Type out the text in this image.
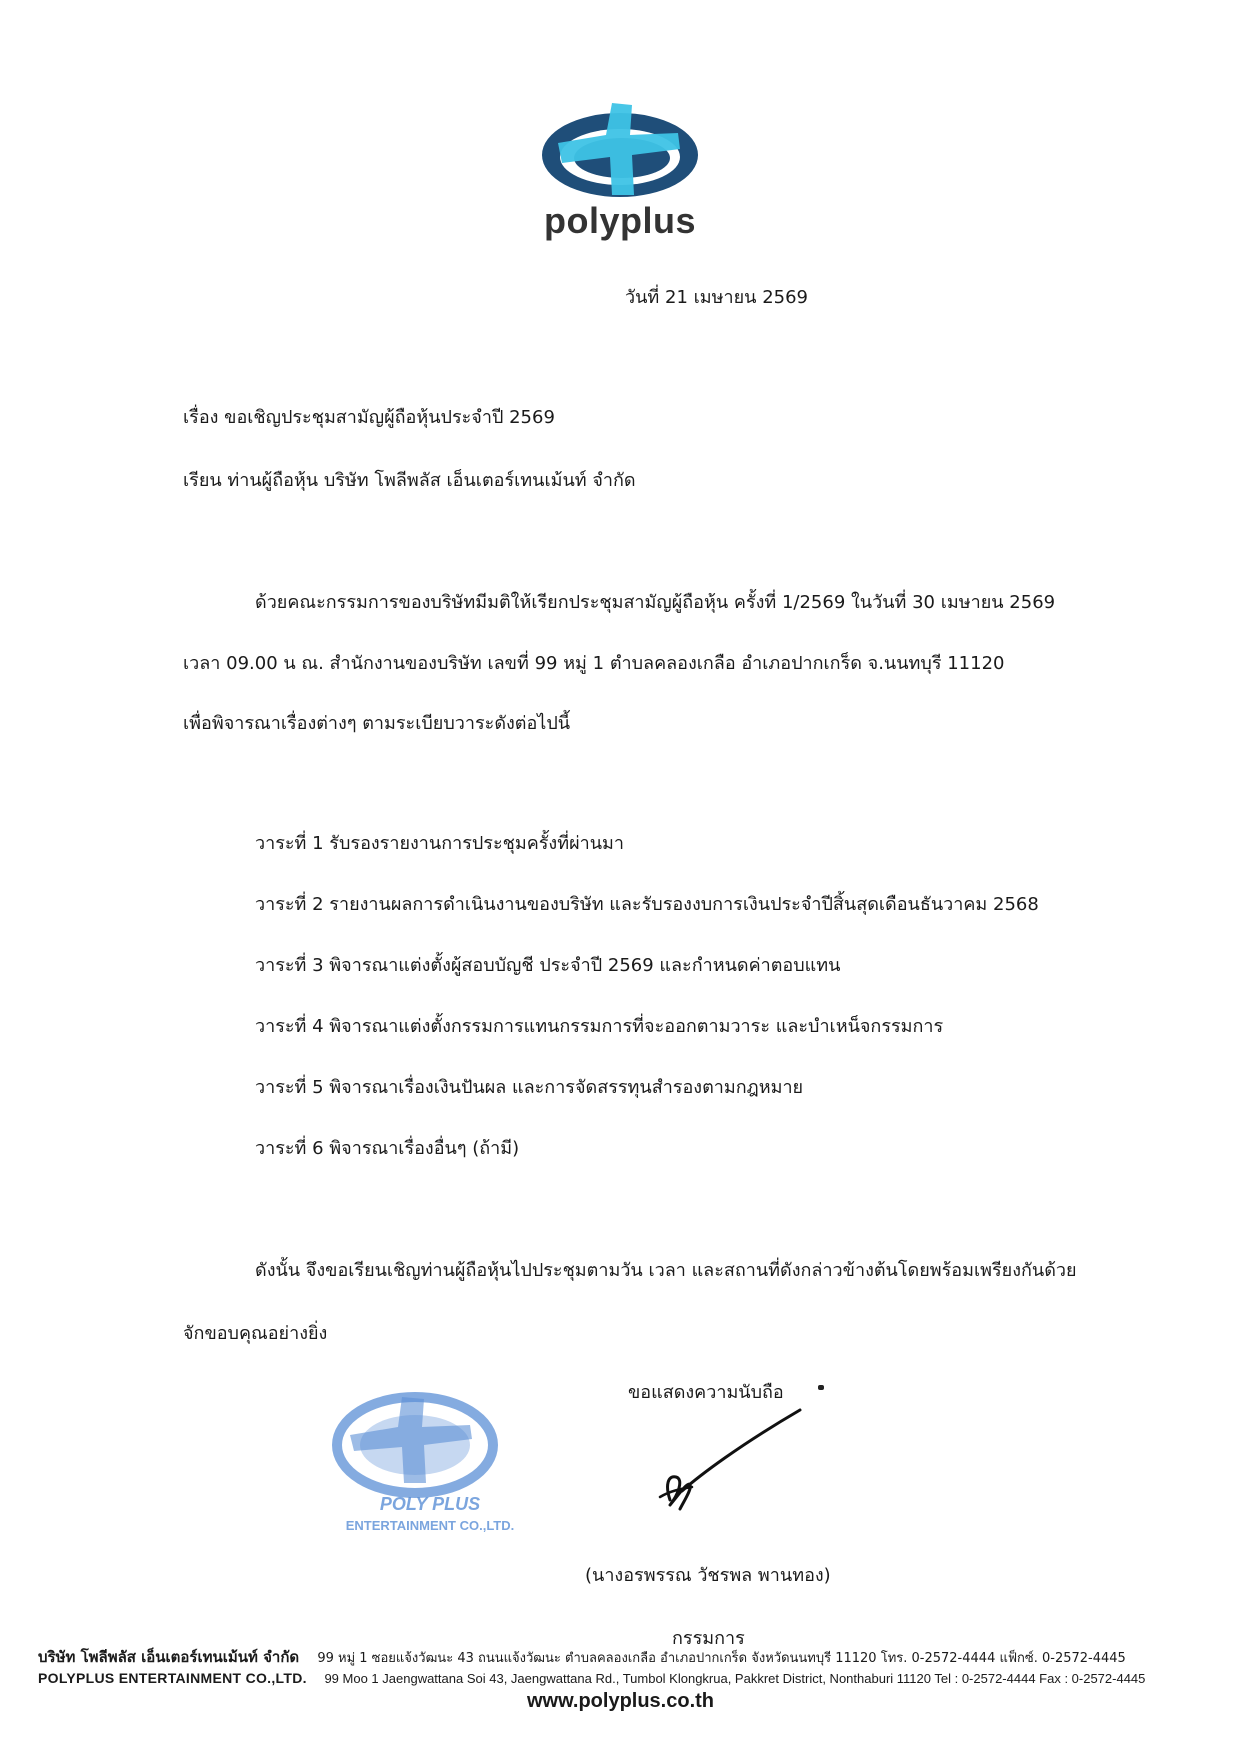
polyplus
วันที่ 21 เมษายน 2569
เรื่อง ขอเชิญประชุมสามัญผู้ถือหุ้นประจำปี 2569
เรียน ท่านผู้ถือหุ้น บริษัท โพลีพลัส เอ็นเตอร์เทนเม้นท์ จำกัด
ด้วยคณะกรรมการของบริษัทมีมติให้เรียกประชุมสามัญผู้ถือหุ้น ครั้งที่ 1/2569 ในวันที่ 30 เมษายน 2569
เวลา 09.00 น ณ. สำนักงานของบริษัท เลขที่ 99 หมู่ 1 ตำบลคลองเกลือ อำเภอปากเกร็ด จ.นนทบุรี 11120
เพื่อพิจารณาเรื่องต่างๆ ตามระเบียบวาระดังต่อไปนี้
วาระที่ 1 รับรองรายงานการประชุมครั้งที่ผ่านมา
วาระที่ 2 รายงานผลการดำเนินงานของบริษัท และรับรองงบการเงินประจำปีสิ้นสุดเดือนธันวาคม 2568
วาระที่ 3 พิจารณาแต่งตั้งผู้สอบบัญชี ประจำปี 2569 และกำหนดค่าตอบแทน
วาระที่ 4 พิจารณาแต่งตั้งกรรมการแทนกรรมการที่จะออกตามวาระ และบำเหน็จกรรมการ
วาระที่ 5 พิจารณาเรื่องเงินปันผล และการจัดสรรทุนสำรองตามกฎหมาย
วาระที่ 6 พิจารณาเรื่องอื่นๆ (ถ้ามี)
ดังนั้น จึงขอเรียนเชิญท่านผู้ถือหุ้นไปประชุมตามวัน เวลา และสถานที่ดังกล่าวข้างต้นโดยพร้อมเพรียงกันด้วย
จักขอบคุณอย่างยิ่ง
ขอแสดงความนับถือ
POLY PLUS
ENTERTAINMENT CO.,LTD.
(นางอรพรรณ วัชรพล พานทอง)
กรรมการ
บริษัท โพลีพลัส เอ็นเตอร์เทนเม้นท์ จำกัด 99 หมู่ 1 ซอยแจ้งวัฒนะ 43 ถนนแจ้งวัฒนะ ตำบลคลองเกลือ อำเภอปากเกร็ด จังหวัดนนทบุรี 11120 โทร. 0-2572-4444 แฟ็กซ์. 0-2572-4445
POLYPLUS ENTERTAINMENT CO.,LTD. 99 Moo 1 Jaengwattana Soi 43, Jaengwattana Rd., Tumbol Klongkrua, Pakkret District, Nonthaburi 11120 Tel : 0-2572-4444 Fax : 0-2572-4445
www.polyplus.co.th
